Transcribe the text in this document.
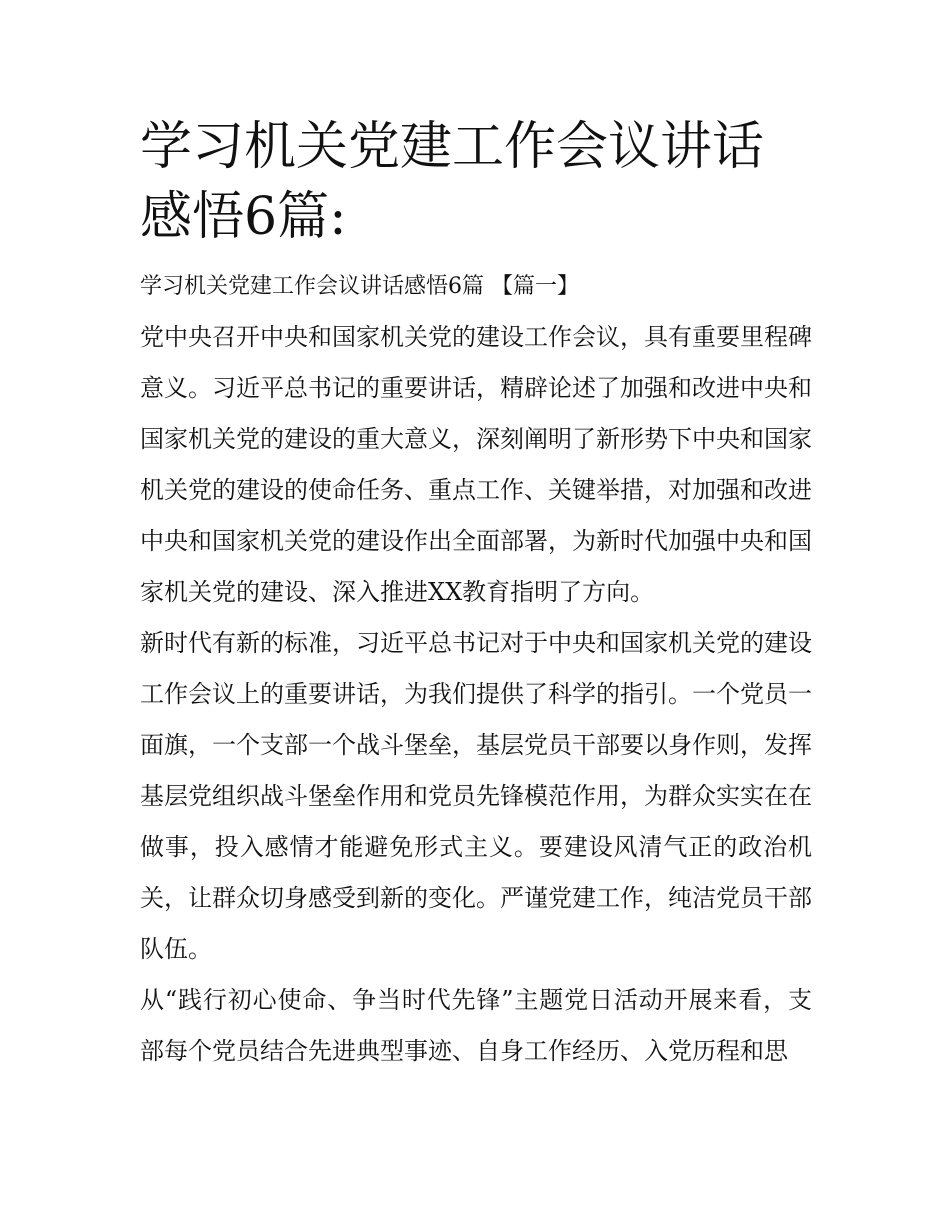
学习机关党建工作会议讲话感悟6篇:
学习机关党建工作会议讲话感悟6篇 【篇一】

党中央召开中央和国家机关党的建设工作会议，具有重要里程碑意义。习近平总书记的重要讲话，精辟论述了加强和改进中央和国家机关党的建设的重大意义，深刻阐明了新形势下中央和国家机关党的建设的使命任务、重点工作、关键举措，对加强和改进中央和国家机关党的建设作出全面部署，为新时代加强中央和国家机关党的建设、深入推进XX教育指明了方向。

新时代有新的标准，习近平总书记对于中央和国家机关党的建设工作会议上的重要讲话，为我们提供了科学的指引。一个党员一面旗，一个支部一个战斗堡垒，基层党员干部要以身作则，发挥基层党组织战斗堡垒作用和党员先锋模范作用，为群众实实在在做事，投入感情才能避免形式主义。要建设风清气正的政治机关，让群众切身感受到新的变化。严谨党建工作，纯洁党员干部队伍。

从“践行初心使命、争当时代先锋”主题党日活动开展来看，支部每个党员结合先进典型事迹、自身工作经历、入党历程和思
